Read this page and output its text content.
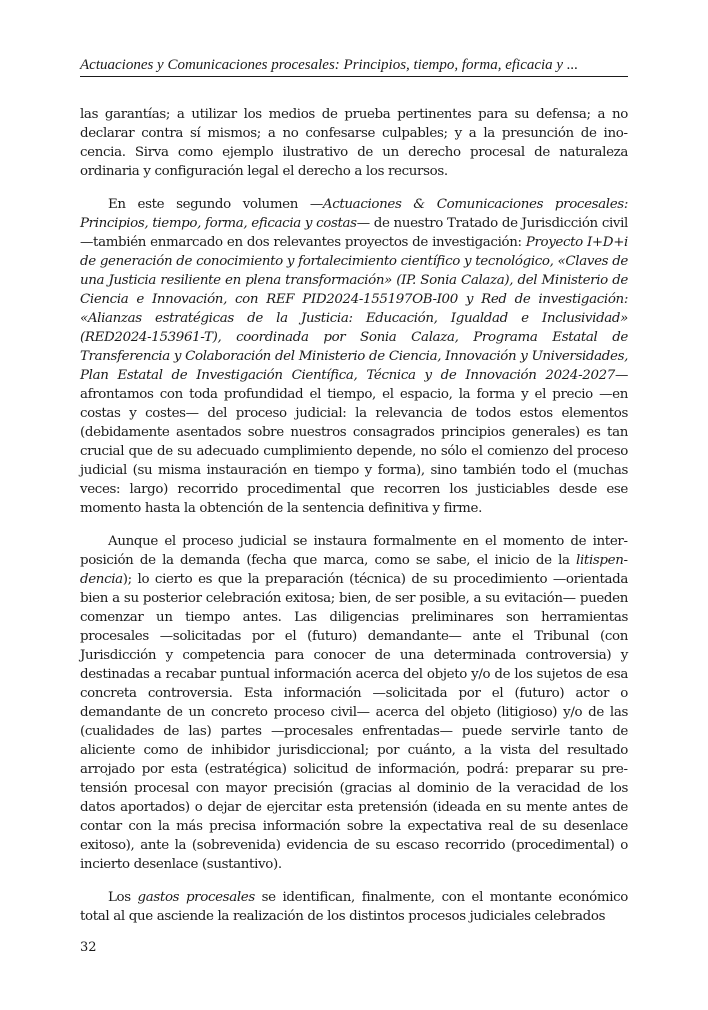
Actuaciones y Comunicaciones procesales: Principios, tiempo, forma, eficacia y ...

las garantías; a utilizar los medios de prueba pertinentes para su defensa; a no declarar contra sí mismos; a no confesarse culpables; y a la presunción de inocencia. Sirva como ejemplo ilustrativo de un derecho procesal de naturaleza ordinaria y configuración legal el derecho a los recursos.

En este segundo volumen —Actuaciones & Comunicaciones procesales: Principios, tiempo, forma, eficacia y costas— de nuestro Tratado de Jurisdicción civil —también enmarcado en dos relevantes proyectos de investigación: Proyecto I+D+i de generación de conocimiento y fortalecimiento científico y tecnológico, «Claves de una Justicia resiliente en plena transformación» (IP. Sonia Calaza), del Ministerio de Ciencia e Innovación, con REF PID2024-155197OB-I00 y Red de investigación: «Alianzas estratégicas de la Justicia: Educación, Igualdad e Inclusividad» (RED2024-153961-T), coordinada por Sonia Calaza, Programa Estatal de Transferencia y Colaboración del Ministerio de Ciencia, Innovación y Universidades, Plan Estatal de Investigación Científica, Técnica y de Innovación 2024-2027— afrontamos con toda profundidad el tiempo, el espacio, la forma y el precio —en costas y costes— del proceso judicial: la relevancia de todos estos elementos (debidamente asentados sobre nuestros consagrados principios generales) es tan crucial que de su adecuado cumplimiento depende, no sólo el comienzo del proceso judicial (su misma instauración en tiempo y forma), sino también todo el (muchas veces: largo) recorrido procedimental que recorren los justiciables desde ese momento hasta la obtención de la sentencia definitiva y firme.

Aunque el proceso judicial se instaura formalmente en el momento de interposición de la demanda (fecha que marca, como se sabe, el inicio de la litispendencia); lo cierto es que la preparación (técnica) de su procedimiento —orientada bien a su posterior celebración exitosa; bien, de ser posible, a su evitación— pueden comenzar un tiempo antes. Las diligencias preliminares son herramientas procesales —solicitadas por el (futuro) demandante— ante el Tribunal (con Jurisdicción y competencia para conocer de una determinada controversia) y destinadas a recabar puntual información acerca del objeto y/o de los sujetos de esa concreta controversia. Esta información —solicitada por el (futuro) actor o demandante de un concreto proceso civil— acerca del objeto (litigioso) y/o de las (cualidades de las) partes —procesales enfrentadas— puede servirle tanto de aliciente como de inhibidor jurisdiccional; por cuánto, a la vista del resultado arrojado por esta (estratégica) solicitud de información, podrá: preparar su pretensión procesal con mayor precisión (gracias al dominio de la veracidad de los datos aportados) o dejar de ejercitar esta pretensión (ideada en su mente antes de contar con la más precisa información sobre la expectativa real de su desenlace exitoso), ante la (sobrevenida) evidencia de su escaso recorrido (procedimental) o incierto desenlace (sustantivo).

Los gastos procesales se identifican, finalmente, con el montante económico total al que asciende la realización de los distintos procesos judiciales celebrados

32
